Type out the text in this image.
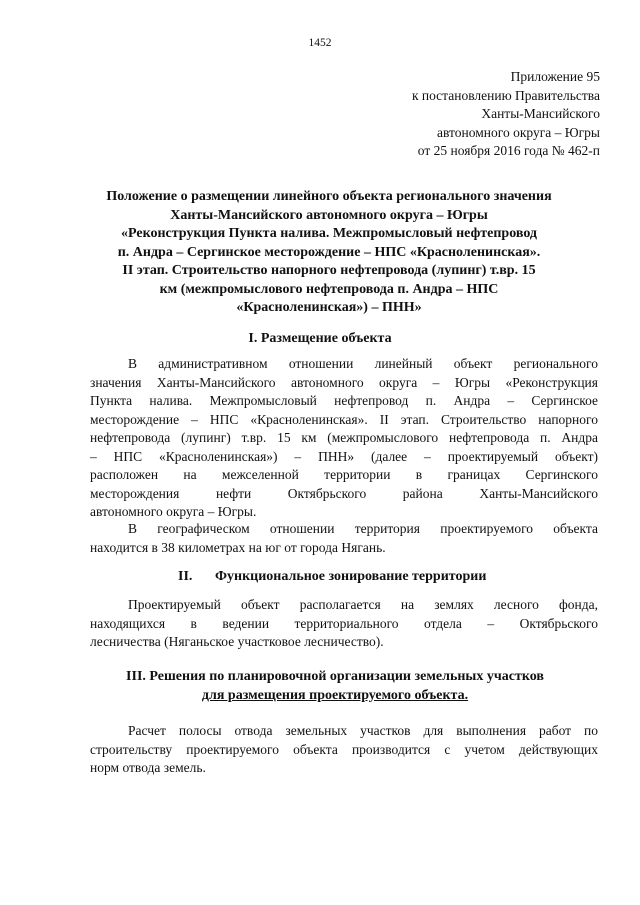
1452
Приложение 95
к постановлению Правительства
Ханты-Мансийского
автономного округа – Югры
от 25 ноября 2016 года № 462-п
Положение о размещении линейного объекта регионального значения
Ханты-Мансийского автономного округа – Югры
«Реконструкция Пункта налива. Межпромысловый нефтепровод
п. Андра – Сергинское месторождение – НПС «Красноленинская».
II этап. Строительство напорного нефтепровода (лупинг) т.вр. 15
км (межпромыслового нефтепровода п. Андра – НПС
«Красноленинская») – ПНН»
I. Размещение объекта
В административном отношении линейный объект регионального
значения Ханты-Мансийского автономного округа – Югры «Реконструкция
Пункта налива. Межпромысловый нефтепровод п. Андра – Сергинское
месторождение – НПС «Красноленинская». II этап. Строительство напорного
нефтепровода (лупинг) т.вр. 15 км (межпромыслового нефтепровода п. Андра
– НПС «Красноленинская») – ПНН» (далее – проектируемый объект)
расположен на межселенной территории в границах Сергинского
месторождения нефти Октябрьского района Ханты-Мансийского
автономного округа – Югры.
В географическом отношении территория проектируемого объекта
находится в 38 километрах на юг от города Нягань.
II. Функциональное зонирование территории
Проектируемый объект располагается на землях лесного фонда,
находящихся в ведении территориального отдела – Октябрьского
лесничества (Няганьское участковое лесничество).
III. Решения по планировочной организации земельных участков
для размещения проектируемого объекта.
Расчет полосы отвода земельных участков для выполнения работ по
строительству проектируемого объекта производится с учетом действующих
норм отвода земель.
